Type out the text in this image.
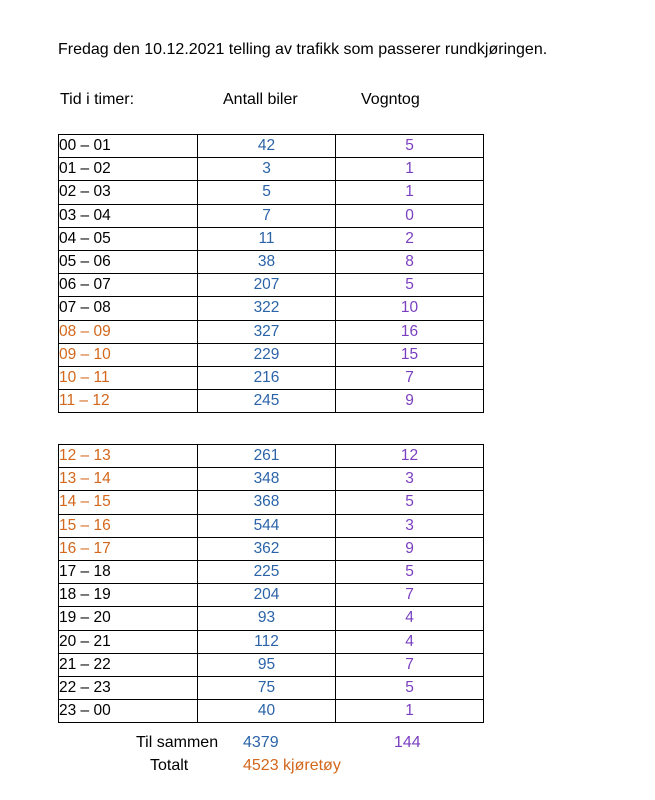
Fredag den 10.12.2021 telling av trafikk som passerer rundkjøringen.
Tid i timer:	Antall biler	Vogntog
00 – 01	42	5
01 – 02	3	1
02 – 03	5	1
03 – 04	7	0
04 – 05	11	2
05 – 06	38	8
06 – 07	207	5
07 – 08	322	10
08 – 09	327	16
09 – 10	229	15
10 – 11	216	7
11 – 12	245	9
12 – 13	261	12
13 – 14	348	3
14 – 15	368	5
15 – 16	544	3
16 – 17	362	9
17 – 18	225	5
18 – 19	204	7
19 – 20	93	4
20 – 21	112	4
21 – 22	95	7
22 – 23	75	5
23 – 00	40	1
Til sammen 4379	144
Totalt	4523 kjøretøy
